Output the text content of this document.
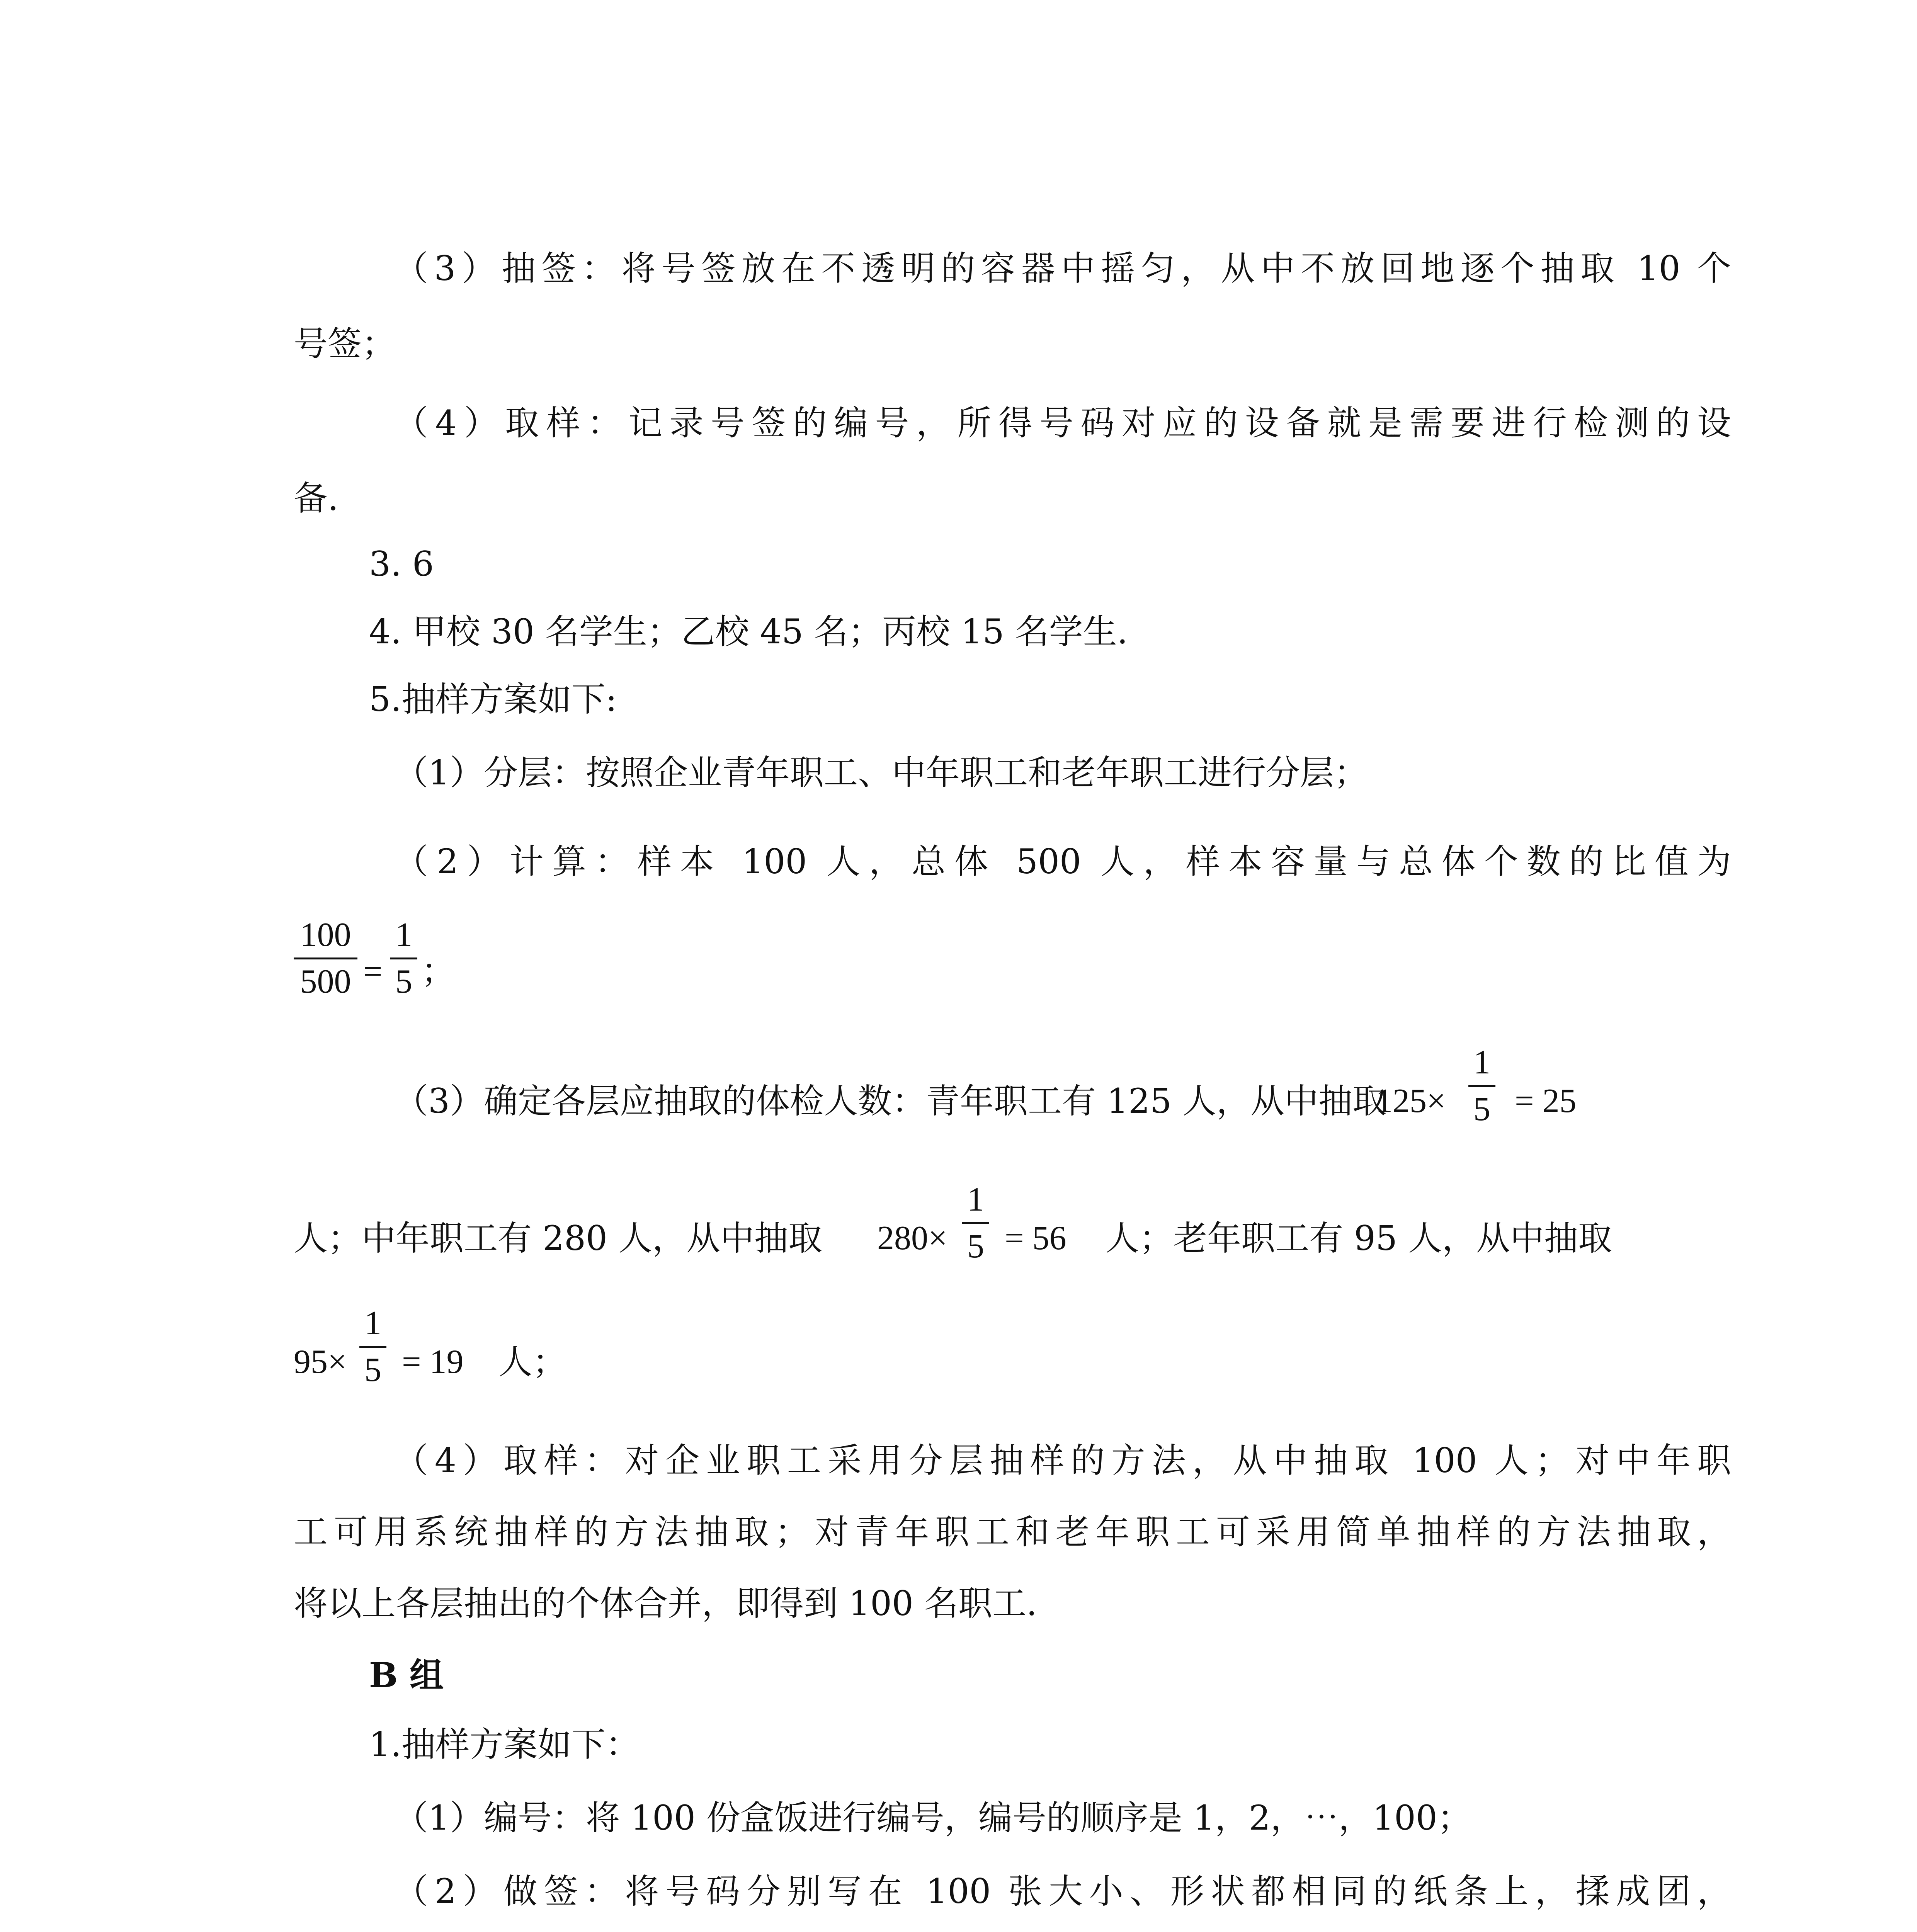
（3）抽签：将号签放在不透明的容器中摇匀，从中不放回地逐个抽取 10 个
号签；
（4）取样：记录号签的编号，所得号码对应的设备就是需要进行检测的设
备.
3. 6
4. 甲校 30 名学生；乙校 45 名；丙校 15 名学生.
5.抽样方案如下:
（1）分层：按照企业青年职工、中年职工和老年职工进行分层；
（2）计算：样本 100 人，总体 500 人，样本容量与总体个数的比值为
100
500 =
1
5 ；
（3）确定各层应抽取的体检人数：青年职工有 125 人，从中抽取
125×
1
5 = 25
人；中年职工有 280 人，从中抽取 280×
1
5 = 56 人；老年职工有 95 人，从中抽取
95×
1
5 = 19 人；
（4）取样：对企业职工采用分层抽样的方法，从中抽取 100 人；对中年职
工可用系统抽样的方法抽取；对青年职工和老年职工可采用简单抽样的方法抽取，
将以上各层抽出的个体合并，即得到 100 名职工.
B 组
1.抽样方案如下：
（1）编号：将 100 份盒饭进行编号，编号的顺序是 1，2，⋯，100；
（2）做签：将号码分别写在 100 张大小、形状都相同的纸条上，揉成团，
